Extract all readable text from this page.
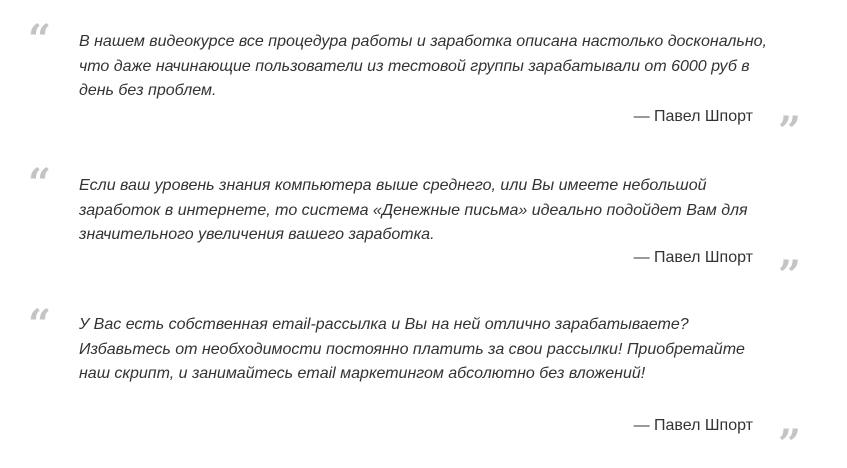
“ В нашем видеокурсе все процедура работы и заработка описана настолько досконально, что даже начинающие пользователи из тестовой группы зарабатывали от 6000 руб в день без проблем.

— Павел Шпорт ”
“ Если ваш уровень знания компьютера выше среднего, или Вы имеете небольшой заработок в интернете, то система «Денежные письма» идеально подойдет Вам для значительного увеличения вашего заработка.

— Павел Шпорт ”
“ У Вас есть собственная email-рассылка и Вы на ней отлично зарабатываете? Избавьтесь от необходимости постоянно платить за свои рассылки! Приобретайте наш скрипт, и занимайтесь email маркетингом абсолютно без вложений!

— Павел Шпорт ”
